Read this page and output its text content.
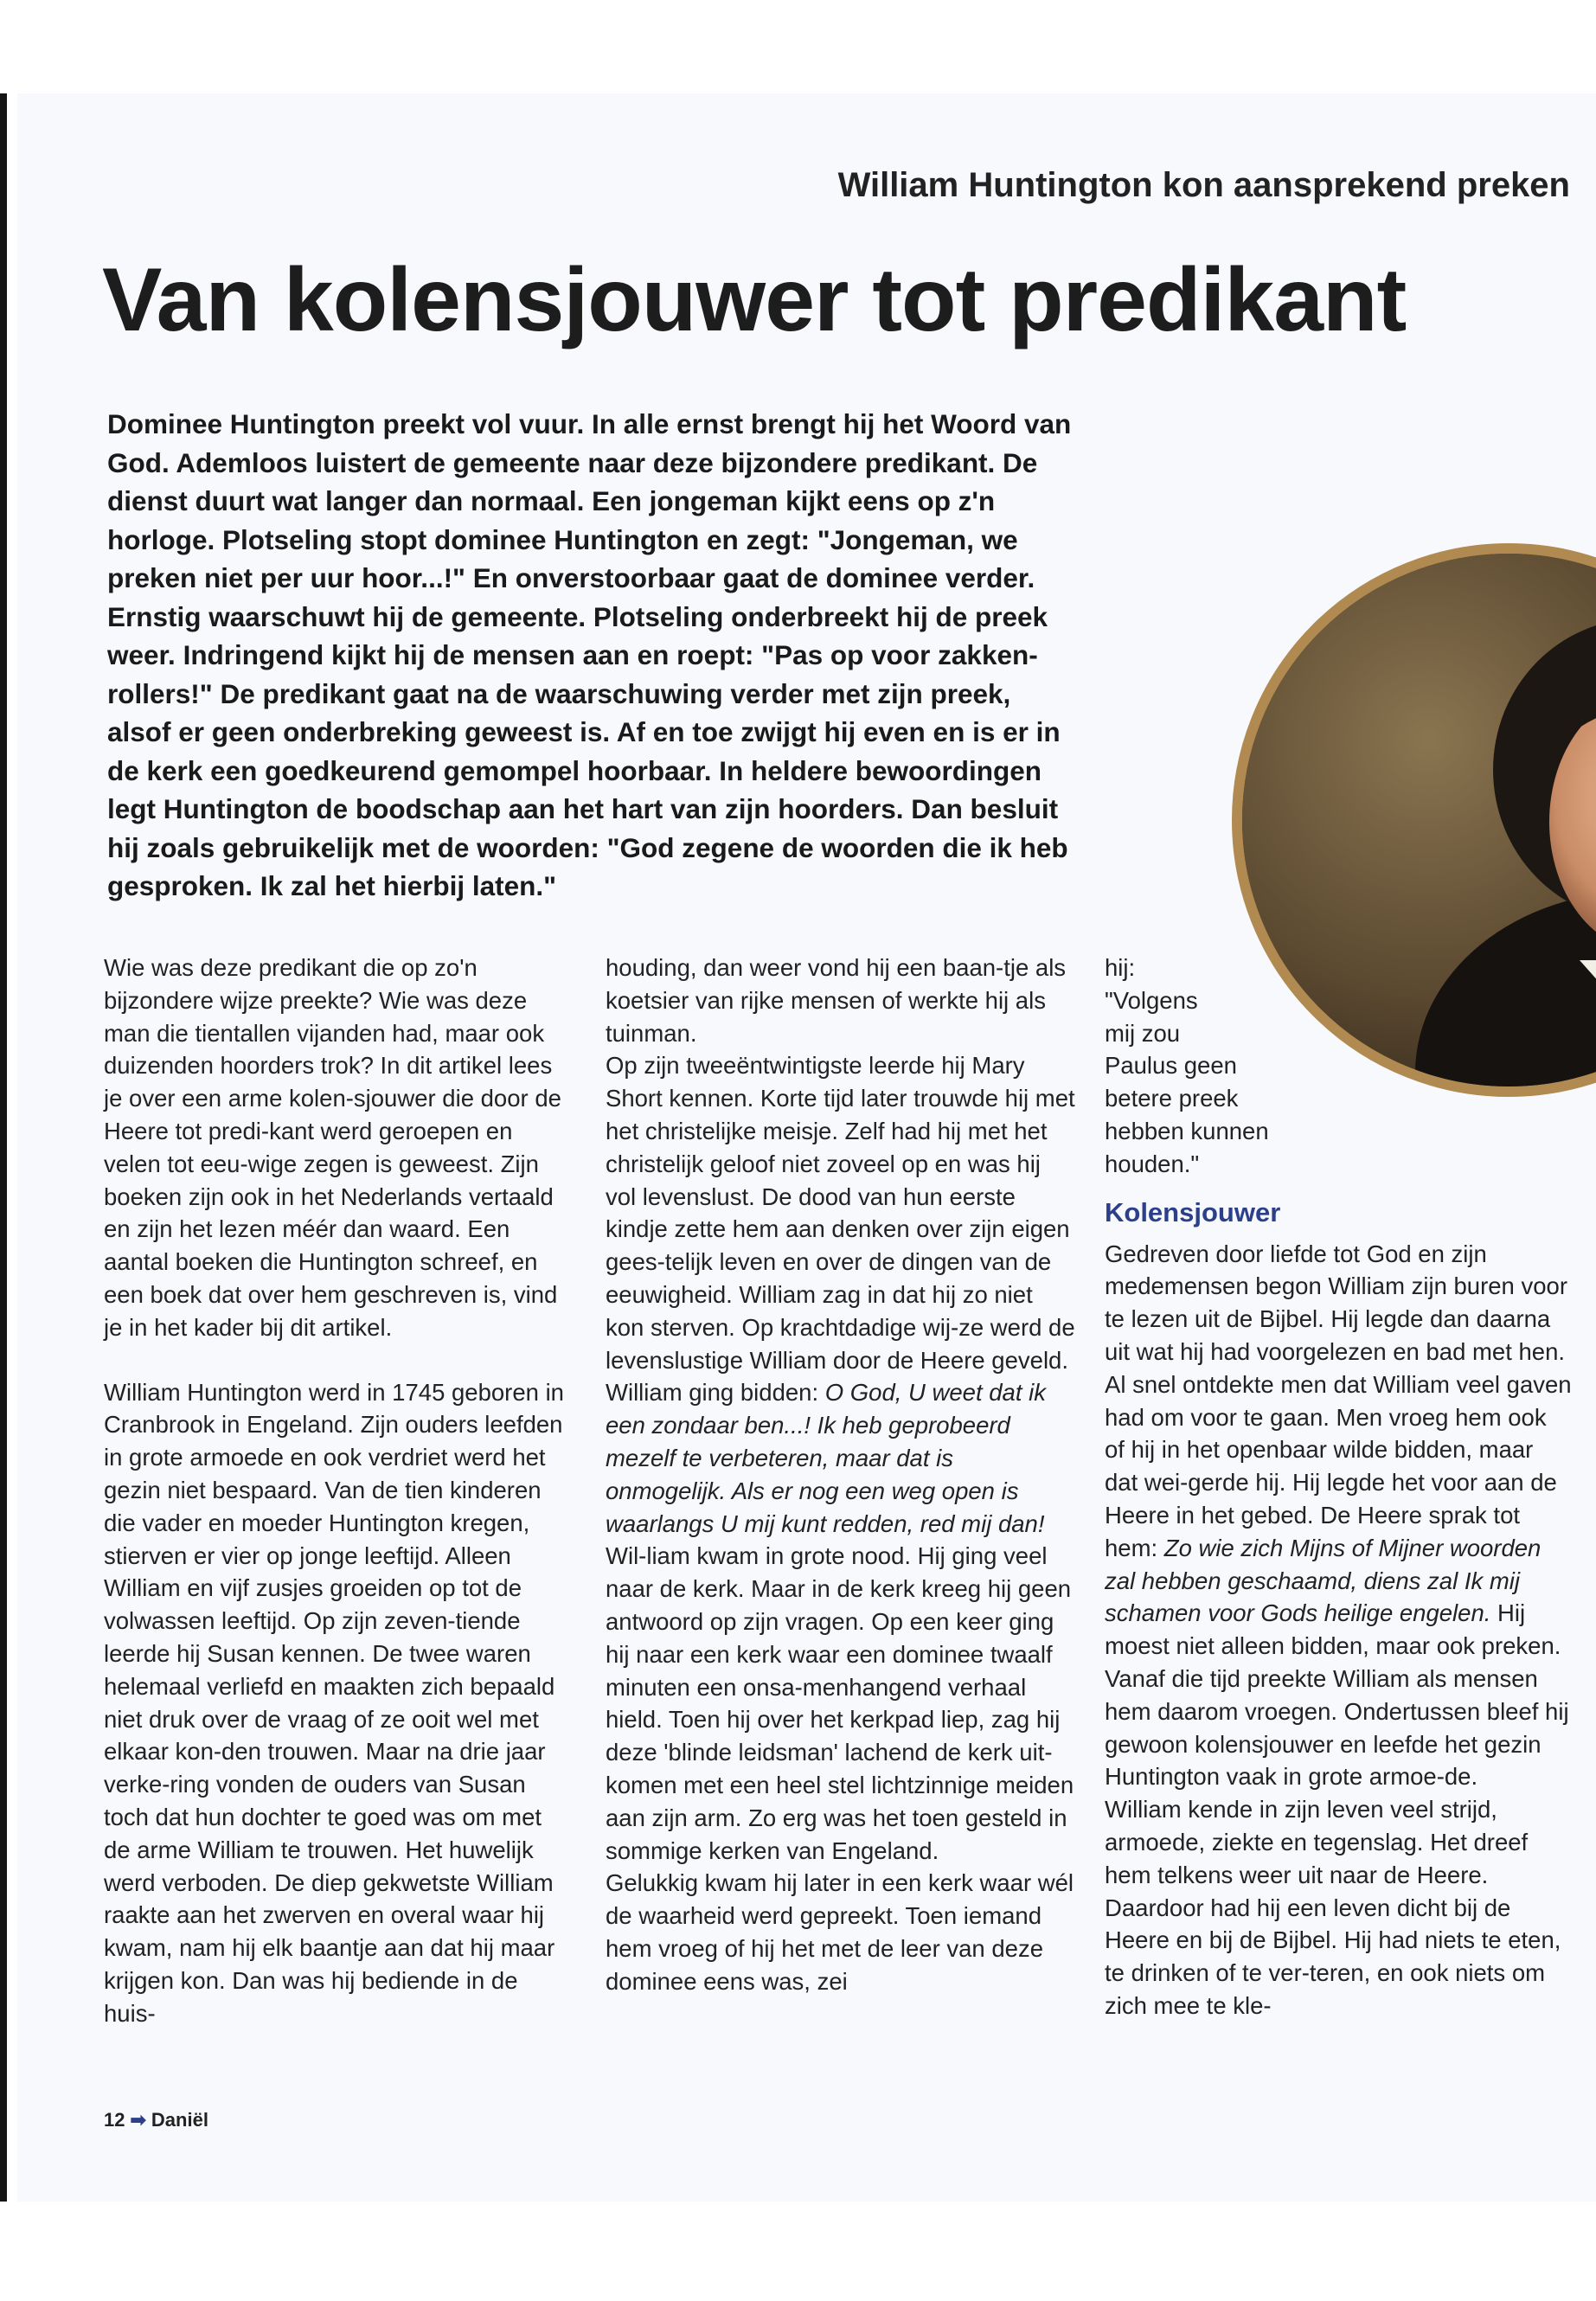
William Huntington kon aansprekend preken
Van kolensjouwer tot predikant

Dominee Huntington preekt vol vuur. In alle ernst brengt hij het Woord van God. Ademloos luistert de gemeente naar deze bijzondere predikant. De dienst duurt wat langer dan normaal. Een jongeman kijkt eens op z'n horloge. Plotseling stopt dominee Huntington en zegt: "Jongeman, we preken niet per uur hoor...!" En onverstoorbaar gaat de dominee verder. Ernstig waarschuwt hij de gemeente. Plotseling onderbreekt hij de preek weer. Indringend kijkt hij de mensen aan en roept: "Pas op voor zakken-rollers!" De predikant gaat na de waarschuwing verder met zijn preek, alsof er geen onderbreking geweest is. Af en toe zwijgt hij even en is er in de kerk een goedkeurend gemompel hoorbaar. In heldere bewoordingen legt Huntington de boodschap aan het hart van zijn hoorders. Dan besluit hij zoals gebruikelijk met de woorden: "God zegene de woorden die ik heb gesproken. Ik zal het hierbij laten."

Wie was deze predikant die op zo'n bijzondere wijze preekte? Wie was deze man die tientallen vijanden had, maar ook duizenden hoorders trok? In dit artikel lees je over een arme kolen-sjouwer die door de Heere tot predi-kant werd geroepen en velen tot eeu-wige zegen is geweest. Zijn boeken zijn ook in het Nederlands vertaald en zijn het lezen méér dan waard. Een aantal boeken die Huntington schreef, en een boek dat over hem geschreven is, vind je in het kader bij dit artikel.

William Huntington werd in 1745 geboren in Cranbrook in Engeland. Zijn ouders leefden in grote armoede en ook verdriet werd het gezin niet bespaard. Van de tien kinderen die vader en moeder Huntington kregen, stierven er vier op jonge leeftijd. Alleen William en vijf zusjes groeiden op tot de volwassen leeftijd. Op zijn zeven-tiende leerde hij Susan kennen. De twee waren helemaal verliefd en maakten zich bepaald niet druk over de vraag of ze ooit wel met elkaar kon-den trouwen. Maar na drie jaar verke-ring vonden de ouders van Susan toch dat hun dochter te goed was om met de arme William te trouwen. Het huwelijk werd verboden. De diep gekwetste William raakte aan het zwerven en overal waar hij kwam, nam hij elk baantje aan dat hij maar krijgen kon. Dan was hij bediende in de huis-

houding, dan weer vond hij een baan-tje als koetsier van rijke mensen of werkte hij als tuinman.

Op zijn tweeëntwintigste leerde hij Mary Short kennen. Korte tijd later trouwde hij met het christelijke meisje. Zelf had hij met het christelijk geloof niet zoveel op en was hij vol levenslust. De dood van hun eerste kindje zette hem aan denken over zijn eigen gees-telijk leven en over de dingen van de eeuwigheid. William zag in dat hij zo niet kon sterven. Op krachtdadige wij-ze werd de levenslustige William door de Heere geveld. William ging bidden: O God, U weet dat ik een zondaar ben...! Ik heb geprobeerd mezelf te verbeteren, maar dat is onmogelijk. Als er nog een weg open is waarlangs U mij kunt redden, red mij dan! Wil-liam kwam in grote nood. Hij ging veel naar de kerk. Maar in de kerk kreeg hij geen antwoord op zijn vragen. Op een keer ging hij naar een kerk waar een dominee twaalf minuten een onsa-menhangend verhaal hield. Toen hij over het kerkpad liep, zag hij deze 'blinde leidsman' lachend de kerk uit-komen met een heel stel lichtzinnige meiden aan zijn arm. Zo erg was het toen gesteld in sommige kerken van Engeland.

Gelukkig kwam hij later in een kerk waar wél de waarheid werd gepreekt. Toen iemand hem vroeg of hij het met de leer van deze dominee eens was, zei

hij:
"Volgens
mij zou
Paulus geen
betere preek
hebben kunnen
houden."

Kolensjouwer

Gedreven door liefde tot God en zijn medemensen begon William zijn buren voor te lezen uit de Bijbel. Hij legde dan daarna uit wat hij had voorgelezen en bad met hen. Al snel ontdekte men dat William veel gaven had om voor te gaan. Men vroeg hem ook of hij in het openbaar wilde bidden, maar dat wei-gerde hij. Hij legde het voor aan de Heere in het gebed. De Heere sprak tot hem: Zo wie zich Mijns of Mijner woorden zal hebben geschaamd, diens zal Ik mij schamen voor Gods heilige engelen. Hij moest niet alleen bidden, maar ook preken. Vanaf die tijd preekte William als mensen hem daarom vroegen. Ondertussen bleef hij gewoon kolensjouwer en leefde het gezin Huntington vaak in grote armoe-de.

William kende in zijn leven veel strijd, armoede, ziekte en tegenslag. Het dreef hem telkens weer uit naar de Heere. Daardoor had hij een leven dicht bij de Heere en bij de Bijbel. Hij had niets te eten, te drinken of te ver-teren, en ook niets om zich mee te kle-

12 ➡ Daniël
